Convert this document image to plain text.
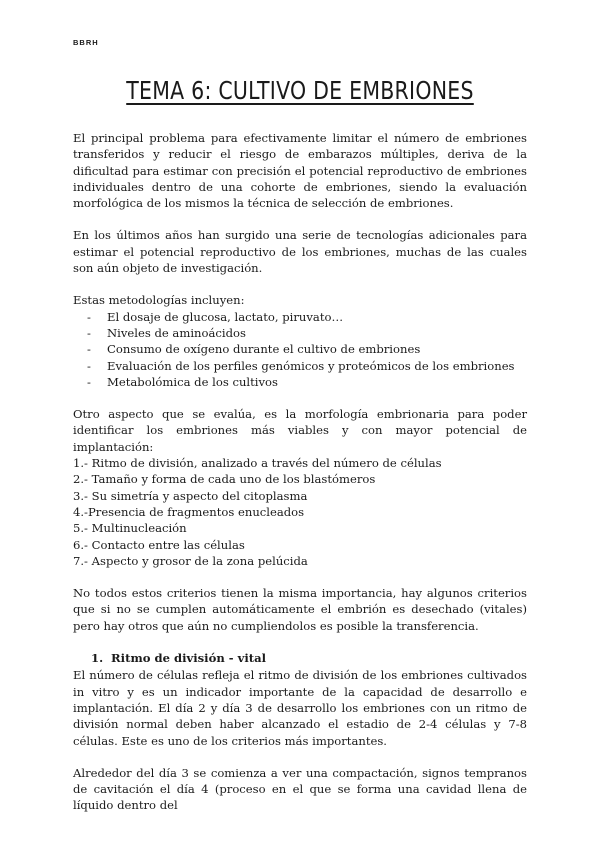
BBRH
TEMA 6: CULTIVO DE EMBRIONES

El principal problema para efectivamente limitar el número de embriones transferidos y reducir el riesgo de embarazos múltiples, deriva de la dificultad para estimar con precisión el potencial reproductivo de embriones individuales dentro de una cohorte de embriones, siendo la evaluación morfológica de los mismos la técnica de selección de embriones.

En los últimos años han surgido una serie de tecnologías adicionales para estimar el potencial reproductivo de los embriones, muchas de las cuales son aún objeto de investigación.

Estas metodologías incluyen:

- El dosaje de glucosa, lactato, piruvato…
- Niveles de aminoácidos
- Consumo de oxígeno durante el cultivo de embriones
- Evaluación de los perfiles genómicos y proteómicos de los embriones
- Metabolómica de los cultivos

Otro aspecto que se evalúa, es la morfología embrionaria para poder identificar los embriones más viables y con mayor potencial de implantación:

1.- Ritmo de división, analizado a través del número de células
2.- Tamaño y forma de cada uno de los blastómeros
3.- Su simetría y aspecto del citoplasma
4.-Presencia de fragmentos enucleados
5.- Multinucleación
6.- Contacto entre las células
7.- Aspecto y grosor de la zona pelúcida

No todos estos criterios tienen la misma importancia, hay algunos criterios que si no se cumplen automáticamente el embrión es desechado (vitales) pero hay otros que aún no cumpliendolos es posible la transferencia.

1. Ritmo de división - vital

El número de células refleja el ritmo de división de los embriones cultivados in vitro y es un indicador importante de la capacidad de desarrollo e implantación. El día 2 y día 3 de desarrollo los embriones con un ritmo de división normal deben haber alcanzado el estadio de 2-4 células y 7-8 células. Este es uno de los criterios más importantes.

Alrededor del día 3 se comienza a ver una compactación, signos tempranos de cavitación el día 4 (proceso en el que se forma una cavidad llena de líquido dentro del
